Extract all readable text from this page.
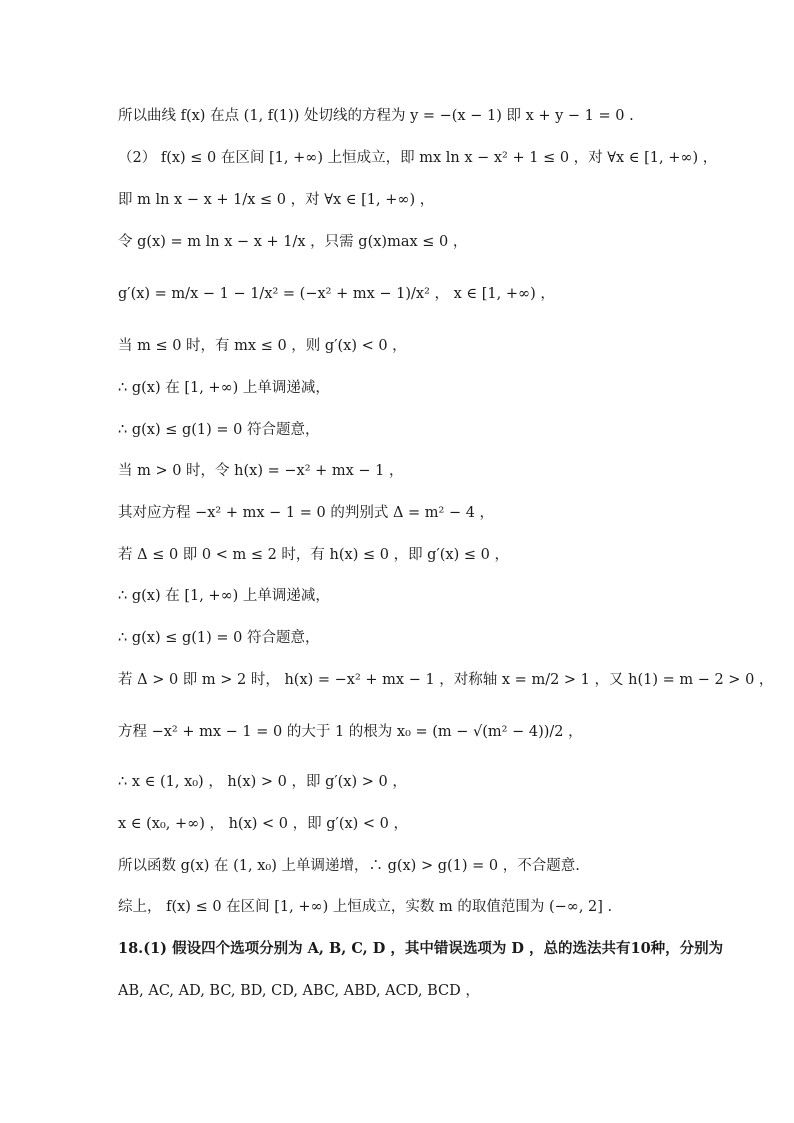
所以曲线 f(x) 在点 (1, f(1)) 处切线的方程为 y = −(x − 1) 即 x + y − 1 = 0 .
（2） f(x) ≤ 0 在区间 [1, +∞) 上恒成立，即 mx ln x − x² + 1 ≤ 0 ，对 ∀x ∈ [1, +∞) ，
即 m ln x − x + 1/x ≤ 0 ，对 ∀x ∈ [1, +∞) ，
令 g(x) = m ln x − x + 1/x ，只需 g(x)max ≤ 0 ，
g′(x) = m/x − 1 − 1/x² = (−x² + mx − 1)/x² ， x ∈ [1, +∞) ，
当 m ≤ 0 时，有 mx ≤ 0 ，则 g′(x) < 0 ，
∴ g(x) 在 [1, +∞) 上单调递减，
∴ g(x) ≤ g(1) = 0 符合题意，
当 m > 0 时，令 h(x) = −x² + mx − 1 ，
其对应方程 −x² + mx − 1 = 0 的判别式 Δ = m² − 4 ，
若 Δ ≤ 0 即 0 < m ≤ 2 时，有 h(x) ≤ 0 ，即 g′(x) ≤ 0 ，
∴ g(x) 在 [1, +∞) 上单调递减，
∴ g(x) ≤ g(1) = 0 符合题意，
若 Δ > 0 即 m > 2 时， h(x) = −x² + mx − 1 ，对称轴 x = m/2 > 1 ，又 h(1) = m − 2 > 0 ，
方程 −x² + mx − 1 = 0 的大于 1 的根为 x₀ = (m − √(m² − 4))/2 ，
∴ x ∈ (1, x₀) ， h(x) > 0 ，即 g′(x) > 0 ，
x ∈ (x₀, +∞) ， h(x) < 0 ，即 g′(x) < 0 ，
所以函数 g(x) 在 (1, x₀) 上单调递增，∴ g(x) > g(1) = 0 ，不合题意.
综上， f(x) ≤ 0 在区间 [1, +∞) 上恒成立，实数 m 的取值范围为 (−∞, 2] .
18.(1) 假设四个选项分别为 A, B, C, D ，其中错误选项为 D ，总的选法共有10种，分别为
AB, AC, AD, BC, BD, CD, ABC, ABD, ACD, BCD ，
